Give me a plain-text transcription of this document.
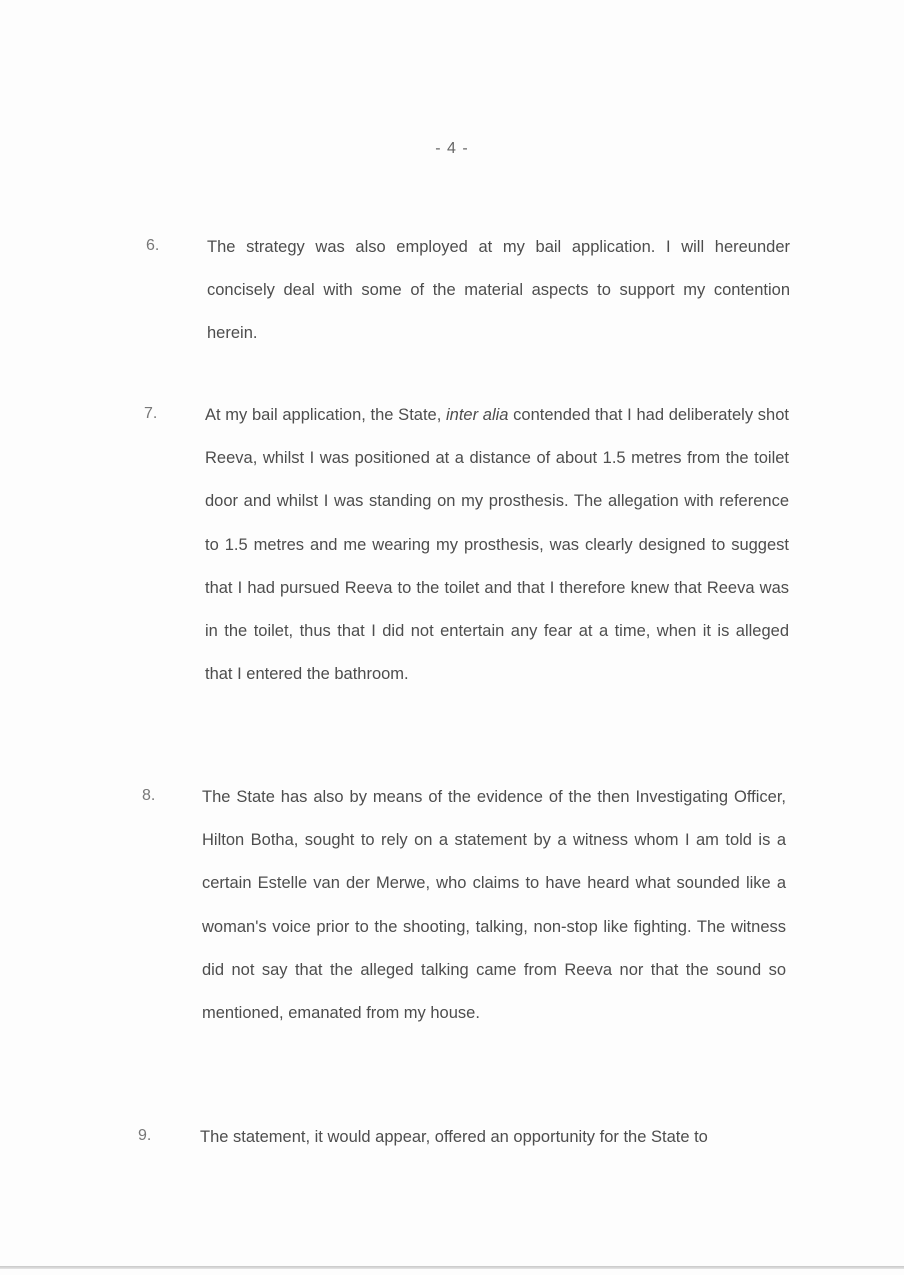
- 4 -
6.	The strategy was also employed at my bail application. I will hereunder concisely deal with some of the material aspects to support my contention herein.
7.	At my bail application, the State, inter alia contended that I had deliberately shot Reeva, whilst I was positioned at a distance of about 1.5 metres from the toilet door and whilst I was standing on my prosthesis. The allegation with reference to 1.5 metres and me wearing my prosthesis, was clearly designed to suggest that I had pursued Reeva to the toilet and that I therefore knew that Reeva was in the toilet, thus that I did not entertain any fear at a time, when it is alleged that I entered the bathroom.
8.	The State has also by means of the evidence of the then Investigating Officer, Hilton Botha, sought to rely on a statement by a witness whom I am told is a certain Estelle van der Merwe, who claims to have heard what sounded like a woman's voice prior to the shooting, talking, non-stop like fighting. The witness did not say that the alleged talking came from Reeva nor that the sound so mentioned, emanated from my house.
9.	The statement, it would appear, offered an opportunity for the State to
